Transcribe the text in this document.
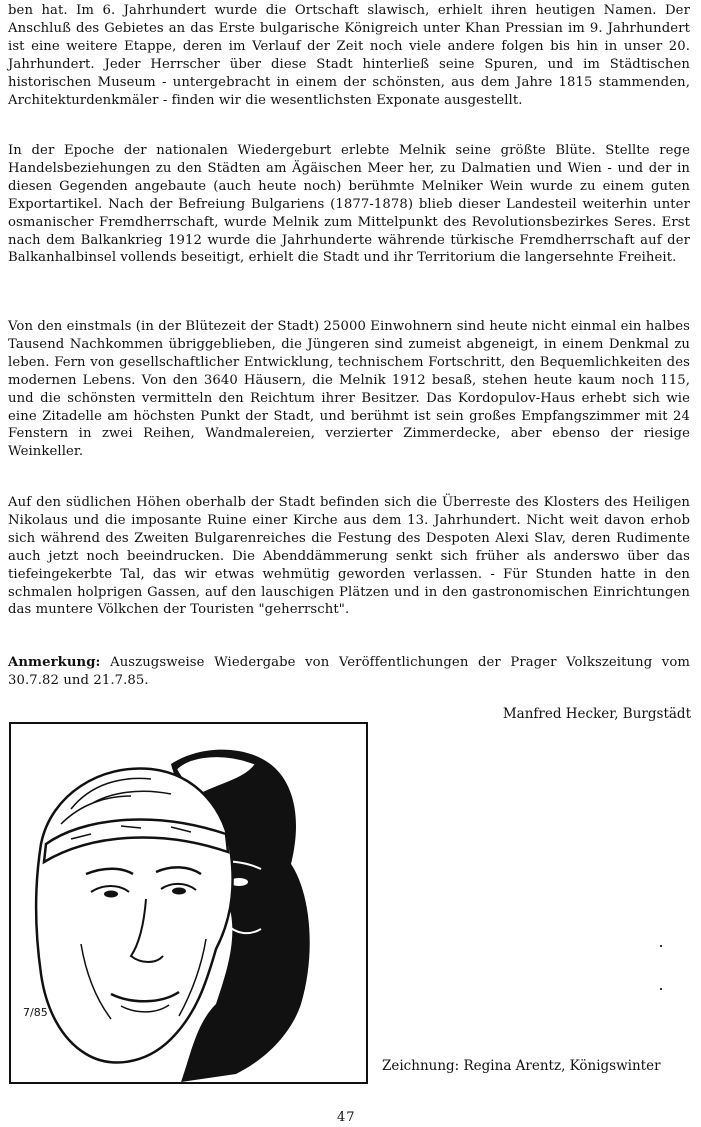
ben hat. Im 6. Jahrhundert wurde die Ortschaft slawisch, erhielt ihren heutigen Namen. Der Anschluß des Gebietes an das Erste bulgarische Königreich unter Khan Pressian im 9. Jahrhundert ist eine weitere Etappe, deren im Verlauf der Zeit noch viele andere folgen bis hin in unser 20. Jahrhundert. Jeder Herrscher über diese Stadt hinterließ seine Spuren, und im Städtischen historischen Museum - untergebracht in einem der schönsten, aus dem Jahre 1815 stammenden, Architekturdenkmäler - finden wir die wesentlichsten Exponate ausgestellt.

In der Epoche der nationalen Wiedergeburt erlebte Melnik seine größte Blüte. Stellte rege Handelsbeziehungen zu den Städten am Ägäischen Meer her, zu Dalmatien und Wien - und der in diesen Gegenden angebaute (auch heute noch) berühmte Melniker Wein wurde zu einem guten Exportartikel. Nach der Befreiung Bulgariens (1877-1878) blieb dieser Landesteil weiterhin unter osmanischer Fremdherrschaft, wurde Melnik zum Mittelpunkt des Revolutionsbezirkes Seres. Erst nach dem Balkankrieg 1912 wurde die Jahrhunderte währende türkische Fremdherrschaft auf der Balkanhalbinsel vollends beseitigt, erhielt die Stadt und ihr Territorium die langersehnte Freiheit.

Von den einstmals (in der Blütezeit der Stadt) 25000 Einwohnern sind heute nicht einmal ein halbes Tausend Nachkommen übriggeblieben, die Jüngeren sind zumeist abgeneigt, in einem Denkmal zu leben. Fern von gesellschaftlicher Entwicklung, technischem Fortschritt, den Bequemlichkeiten des modernen Lebens. Von den 3640 Häusern, die Melnik 1912 besaß, stehen heute kaum noch 115, und die schönsten vermitteln den Reichtum ihrer Besitzer. Das Kordopulov-Haus erhebt sich wie eine Zitadelle am höchsten Punkt der Stadt, und berühmt ist sein großes Empfangszimmer mit 24 Fenstern in zwei Reihen, Wandmalereien, verzierter Zimmerdecke, aber ebenso der riesige Weinkeller.

Auf den südlichen Höhen oberhalb der Stadt befinden sich die Überreste des Klosters des Heiligen Nikolaus und die imposante Ruine einer Kirche aus dem 13. Jahrhundert. Nicht weit davon erhob sich während des Zweiten Bulgarenreiches die Festung des Despoten Alexi Slav, deren Rudimente auch jetzt noch beeindrucken. Die Abenddämmerung senkt sich früher als anderswo über das tiefeingekerbte Tal, das wir etwas wehmütig geworden verlassen. - Für Stunden hatte in den schmalen holprigen Gassen, auf den lauschigen Plätzen und in den gastronomischen Einrichtungen das muntere Völkchen der Touristen "geherrscht".

Anmerkung: Auszugsweise Wiedergabe von Veröffentlichungen der Prager Volkszeitung vom 30.7.82 und 21.7.85.

Manfred Hecker, Burgstädt
7/85
Zeichnung: Regina Arentz, Königswinter
47
